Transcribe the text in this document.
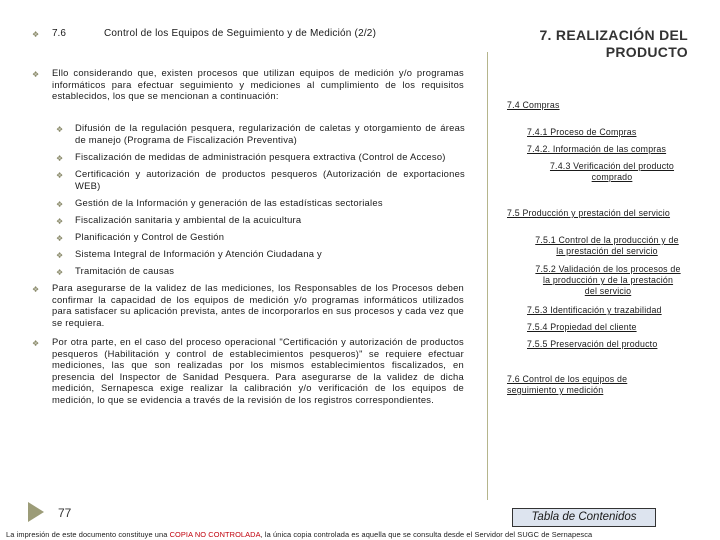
❖ 7.6	Control de los Equipos de Seguimiento y de Medición (2/2)	7. REALIZACIÓN DEL
PRODUCTO
❖ Ello considerando que, existen procesos que utilizan equipos de medición y/o programas informáticos para efectuar seguimiento y mediciones al cumplimiento de los requisitos establecidos, los que se mencionan a continuación:
❖ Difusión de la regulación pesquera, regularización de caletas y otorgamiento de áreas de manejo (Programa de Fiscalización Preventiva)
❖ Fiscalización de medidas de administración pesquera extractiva (Control de Acceso)
❖ Certificación y autorización de productos pesqueros (Autorización de exportaciones WEB)
❖ Gestión de la Información y generación de las estadísticas sectoriales
❖ Fiscalización sanitaria y ambiental de la acuicultura
❖ Planificación y Control de Gestión
❖ Sistema Integral de Información y Atención Ciudadana y
❖ Tramitación de causas
❖ Para asegurarse de la validez de las mediciones, los Responsables de los Procesos deben confirmar la capacidad de los equipos de medición y/o programas informáticos utilizados para satisfacer su aplicación prevista, antes de incorporarlos en sus procesos y cada vez que se requiera.
❖ Por otra parte, en el caso del proceso operacional "Certificación y autorización de productos pesqueros (Habilitación y control de establecimientos pesqueros)" se requiere efectuar mediciones, las que son realizadas por los mismos establecimientos fiscalizados, en presencia del Inspector de Sanidad Pesquera. Para asegurarse de la validez de dicha medición, Sernapesca exige realizar la calibración y/o verificación de los equipos de medición, lo que se evidencia a través de la revisión de los registros correspondientes.
7.4 Compras
7.4.1 Proceso de Compras
7.4.2. Información de las compras
7.4.3 Verificación del producto
comprado
7.5 Producción y prestación del servicio
7.5.1 Control de la producción y de
la prestación del servicio
7.5.2 Validación de los procesos de
la producción y de la prestación
del servicio
7.5.3 Identificación y trazabilidad
7.5.4 Propiedad del cliente
7.5.5 Preservación del producto
7.6 Control de los equipos de
seguimiento y medición
77	Tabla de Contenidos
La impresión de este documento constituye una COPIA NO CONTROLADA, la única copia controlada es aquella que se consulta desde el Servidor del SUGC de Sernapesca
